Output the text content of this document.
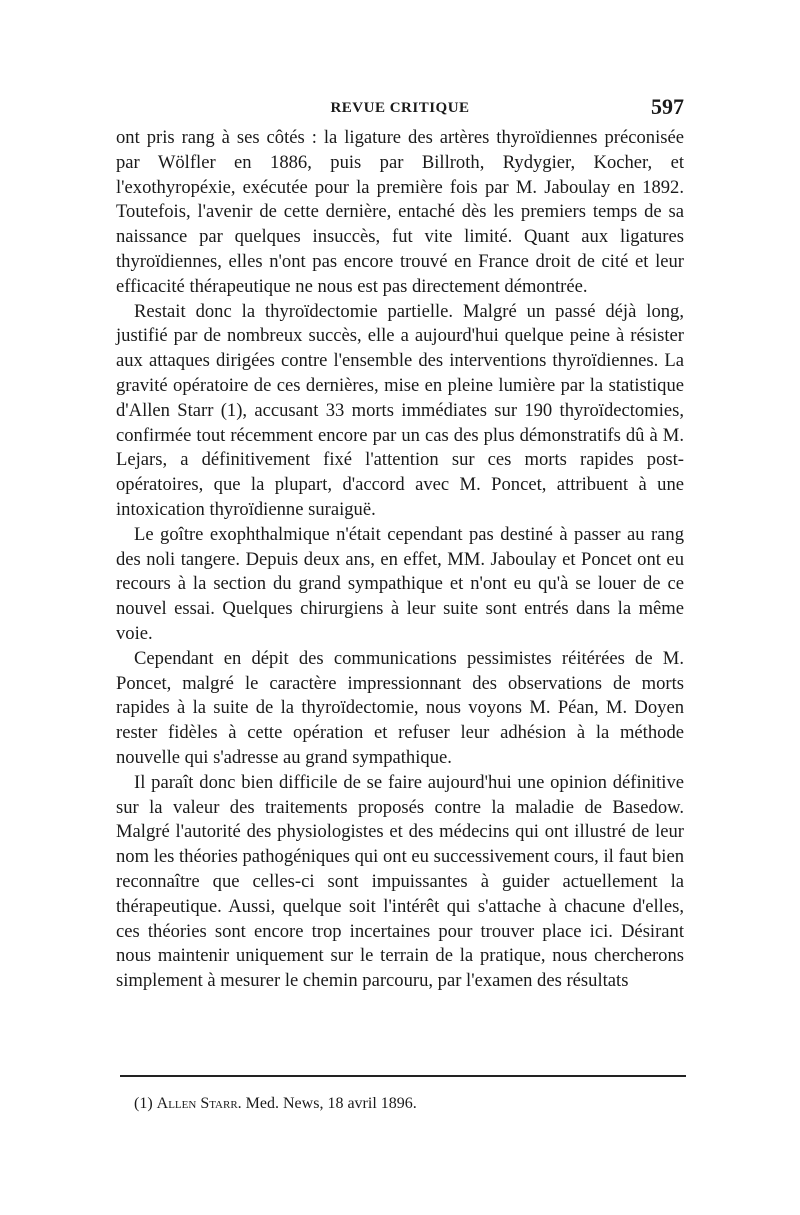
REVUE CRITIQUE	597

ont pris rang à ses côtés : la ligature des artères thyroïdiennes préconisée par Wölfler en 1886, puis par Billroth, Rydygier, Kocher, et l'exothyropéxie, exécutée pour la première fois par M. Jaboulay en 1892. Toutefois, l'avenir de cette dernière, entaché dès les premiers temps de sa naissance par quelques insuccès, fut vite limité. Quant aux ligatures thyroïdiennes, elles n'ont pas encore trouvé en France droit de cité et leur efficacité thérapeutique ne nous est pas directement démontrée.

Restait donc la thyroïdectomie partielle. Malgré un passé déjà long, justifié par de nombreux succès, elle a aujourd'hui quelque peine à résister aux attaques dirigées contre l'ensemble des interventions thyroïdiennes. La gravité opératoire de ces dernières, mise en pleine lumière par la statistique d'Allen Starr (1), accusant 33 morts immédiates sur 190 thyroïdectomies, confirmée tout récemment encore par un cas des plus démonstratifs dû à M. Lejars, a définitivement fixé l'attention sur ces morts rapides post-opératoires, que la plupart, d'accord avec M. Poncet, attribuent à une intoxication thyroïdienne suraiguë.

Le goître exophthalmique n'était cependant pas destiné à passer au rang des noli tangere. Depuis deux ans, en effet, MM. Jaboulay et Poncet ont eu recours à la section du grand sympathique et n'ont eu qu'à se louer de ce nouvel essai. Quelques chirurgiens à leur suite sont entrés dans la même voie.

Cependant en dépit des communications pessimistes réitérées de M. Poncet, malgré le caractère impressionnant des observations de morts rapides à la suite de la thyroïdectomie, nous voyons M. Péan, M. Doyen rester fidèles à cette opération et refuser leur adhésion à la méthode nouvelle qui s'adresse au grand sympathique.

Il paraît donc bien difficile de se faire aujourd'hui une opinion définitive sur la valeur des traitements proposés contre la maladie de Basedow. Malgré l'autorité des physiologistes et des médecins qui ont illustré de leur nom les théories pathogéniques qui ont eu successivement cours, il faut bien reconnaître que celles-ci sont impuissantes à guider actuellement la thérapeutique. Aussi, quelque soit l'intérêt qui s'attache à chacune d'elles, ces théories sont encore trop incertaines pour trouver place ici. Désirant nous maintenir uniquement sur le terrain de la pratique, nous chercherons simplement à mesurer le chemin parcouru, par l'examen des résultats

(1) Allen Starr. Med. News, 18 avril 1896.
